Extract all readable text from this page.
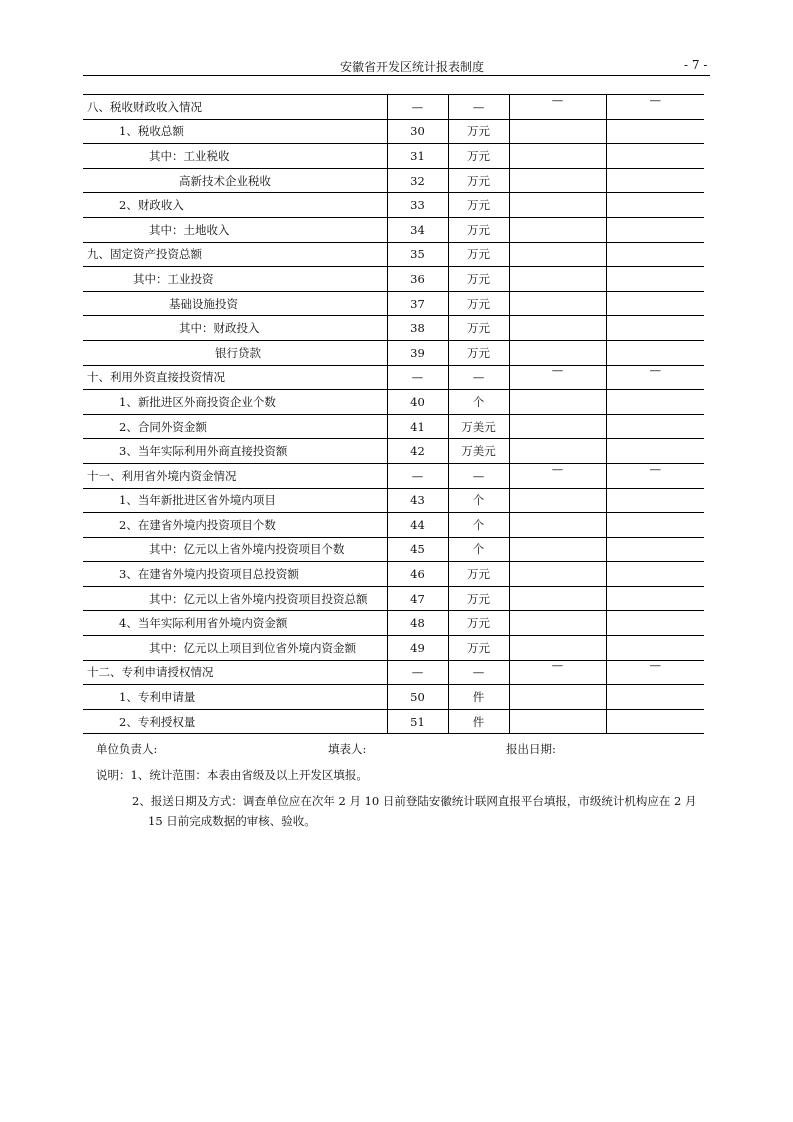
安徽省开发区统计报表制度	- 7 -
八、税收财政收入情况	—	—	—	—
1、税收总额	30	万元		
其中：工业税收	31	万元		
高新技术企业税收	32	万元		
2、财政收入	33	万元		
其中：土地收入	34	万元		
九、固定资产投资总额	35	万元		
其中：工业投资	36	万元		
基础设施投资	37	万元		
其中：财政投入	38	万元		
银行贷款	39	万元		
十、利用外资直接投资情况	—	—	—	—
1、新批进区外商投资企业个数	40	个		
2、合同外资金额	41	万美元		
3、当年实际利用外商直接投资额	42	万美元		
十一、利用省外境内资金情况	—	—	—	—
1、当年新批进区省外境内项目	43	个		
2、在建省外境内投资项目个数	44	个		
其中：亿元以上省外境内投资项目个数	45	个		
3、在建省外境内投资项目总投资额	46	万元		
其中：亿元以上省外境内投资项目投资总额	47	万元		
4、当年实际利用省外境内资金额	48	万元		
其中：亿元以上项目到位省外境内资金额	49	万元		
十二、专利申请授权情况	—	—	—	—
1、专利申请量	50	件		
2、专利授权量	51	件		
单位负责人:	填表人:	报出日期:
说明：1、统计范围：本表由省级及以上开发区填报。
2、报送日期及方式：调查单位应在次年 2 月 10 日前登陆安徽统计联网直报平台填报，市级统计机构应在 2 月
15 日前完成数据的审核、验收。
